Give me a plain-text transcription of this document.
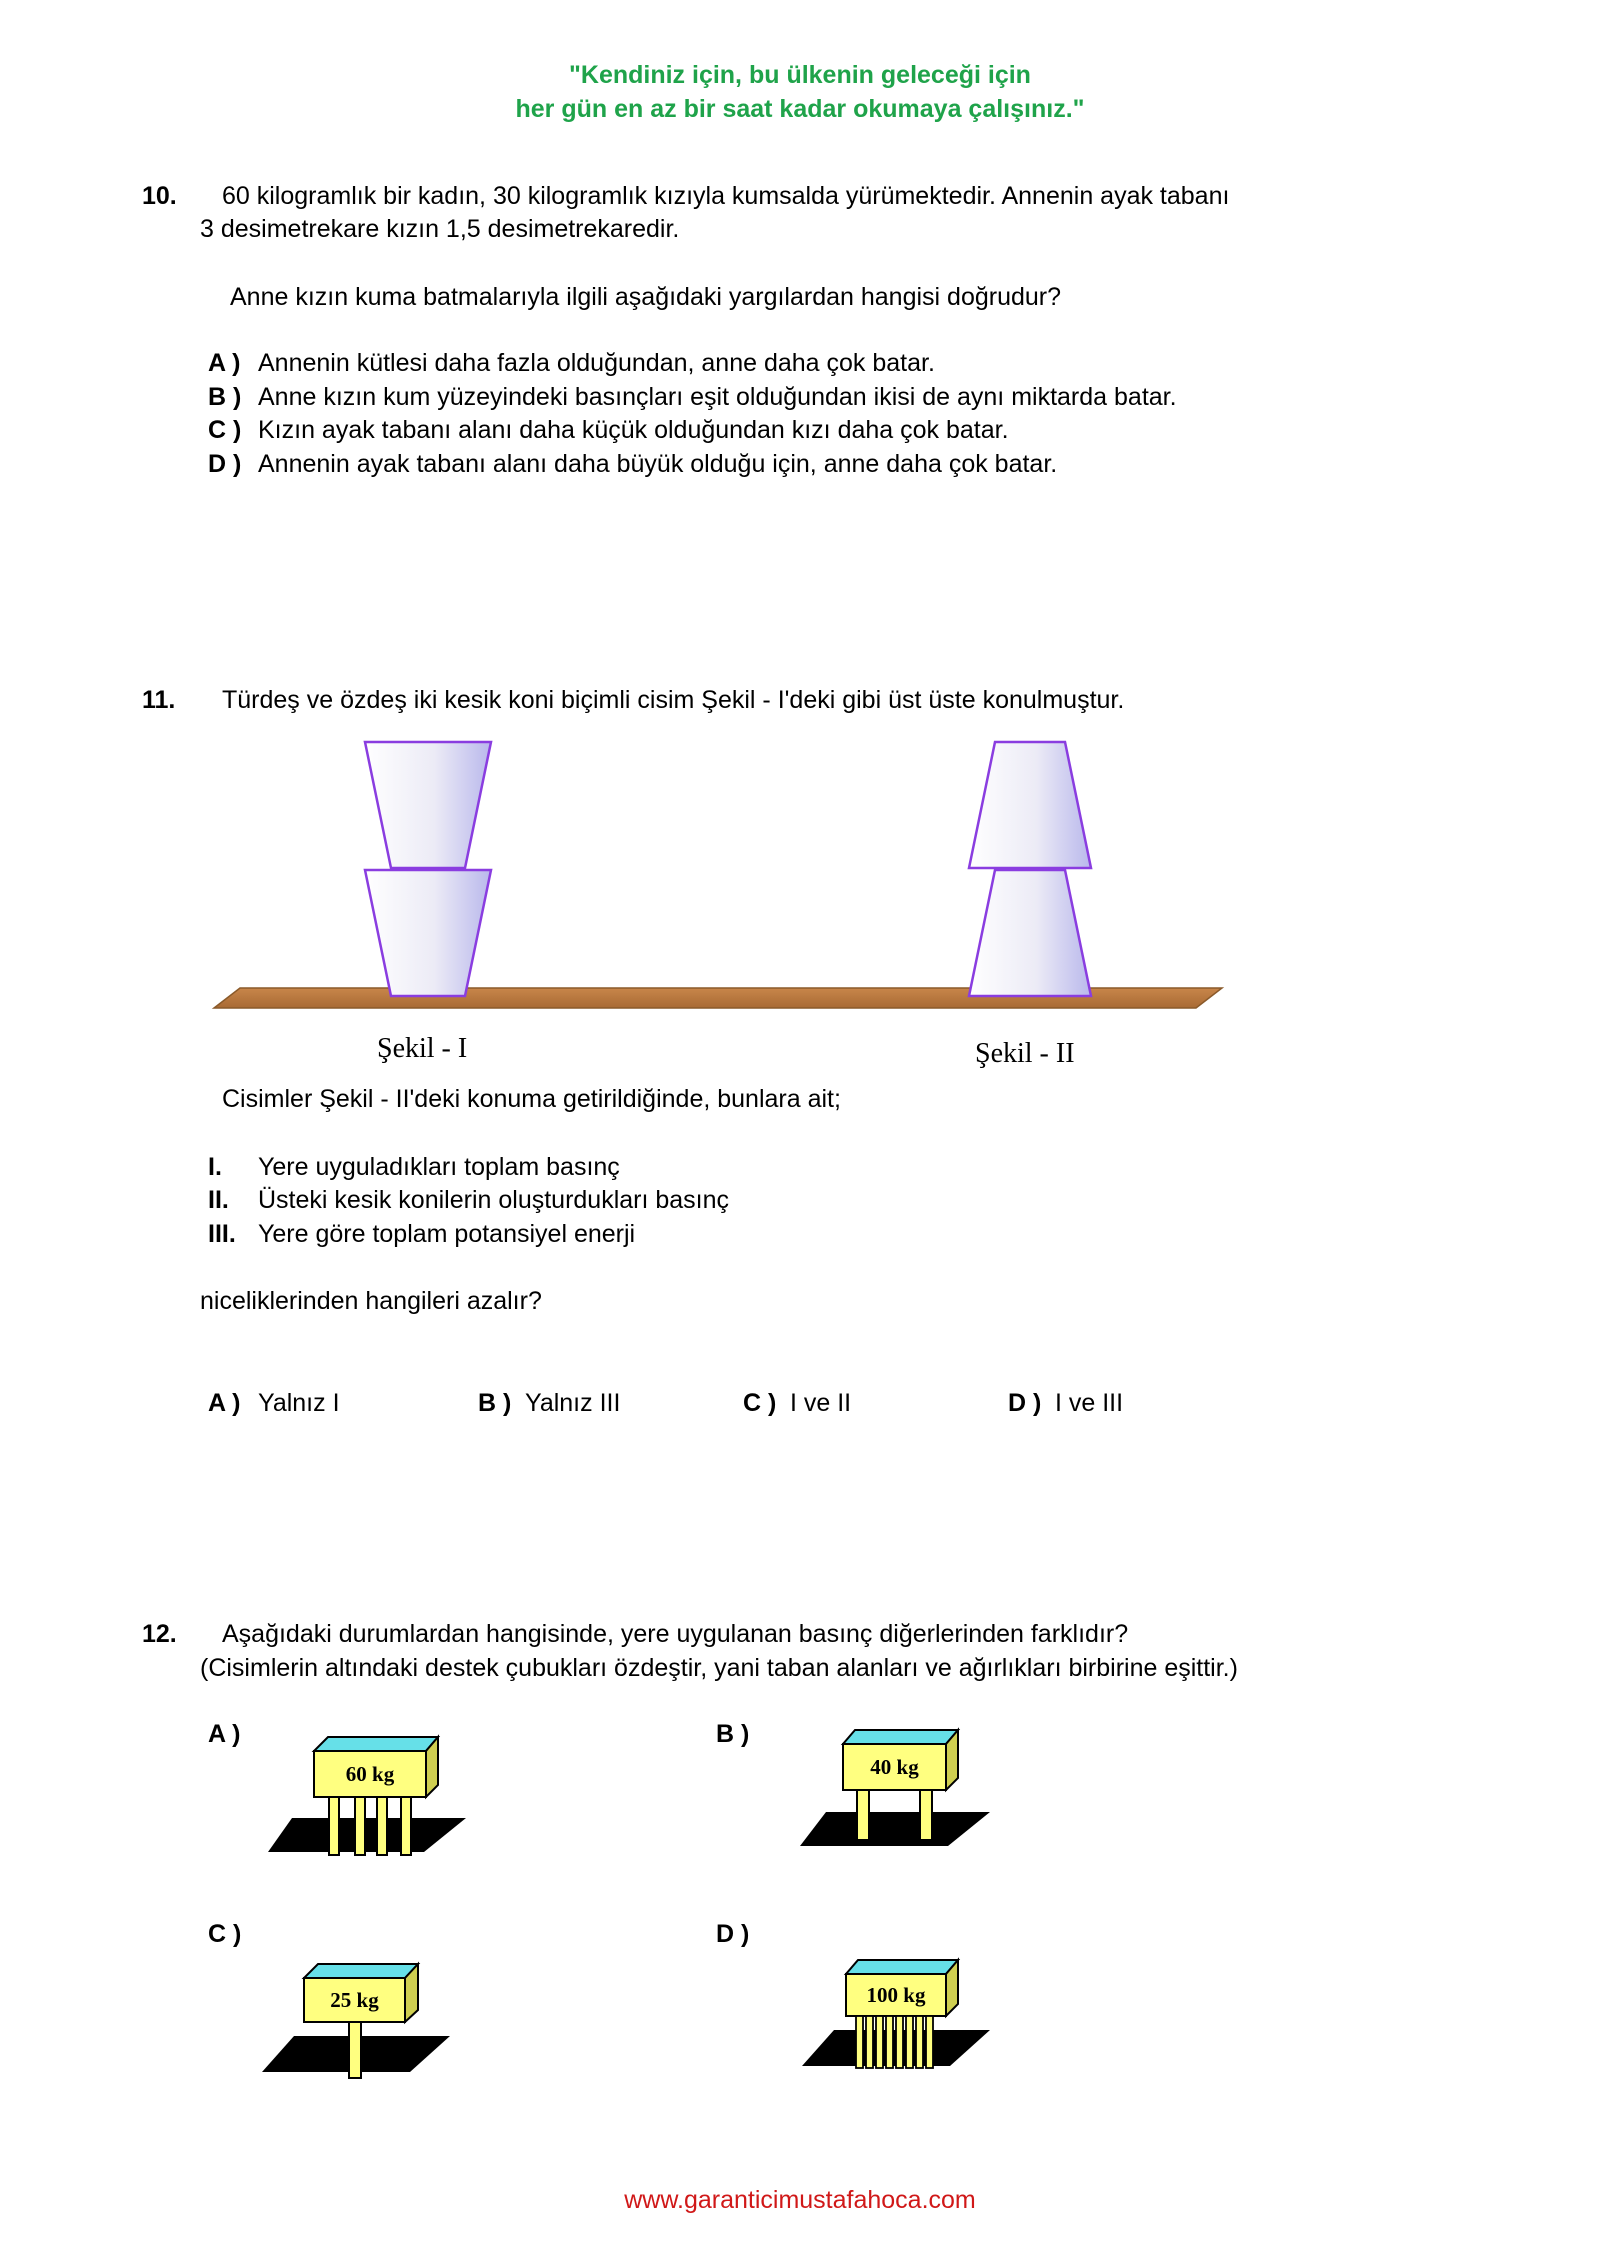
"Kendiniz için, bu ülkenin geleceği için
her gün en az bir saat kadar okumaya çalışınız."
10. 60 kilogramlık bir kadın, 30 kilogramlık kızıyla kumsalda yürümektedir. Annenin ayak tabanı
3 desimetrekare kızın 1,5 desimetrekaredir.
Anne kızın kuma batmalarıyla ilgili aşağıdaki yargılardan hangisi doğrudur?
A ) Annenin kütlesi daha fazla olduğundan, anne daha çok batar.
B ) Anne kızın kum yüzeyindeki basınçları eşit olduğundan ikisi de aynı miktarda batar.
C ) Kızın ayak tabanı alanı daha küçük olduğundan kızı daha çok batar.
D ) Annenin ayak tabanı alanı daha büyük olduğu için, anne daha çok batar.
11. Türdeş ve özdeş iki kesik koni biçimli cisim Şekil - I'deki gibi üst üste konulmuştur.
Şekil - I	Şekil - II
Cisimler Şekil - II'deki konuma getirildiğinde, bunlara ait;
I. Yere uyguladıkları toplam basınç
II. Üsteki kesik konilerin oluşturdukları basınç
III. Yere göre toplam potansiyel enerji
niceliklerinden hangileri azalır?
A ) Yalnız I	B ) Yalnız III	C ) I ve II	D ) I ve III
12. Aşağıdaki durumlardan hangisinde, yere uygulanan basınç diğerlerinden farklıdır?
(Cisimlerin altındaki destek çubukları özdeştir, yani taban alanları ve ağırlıkları birbirine eşittir.)
A )	B )
C )	D )
60 kg	40 kg
25 kg	100 kg
www.garanticimustafahoca.com
